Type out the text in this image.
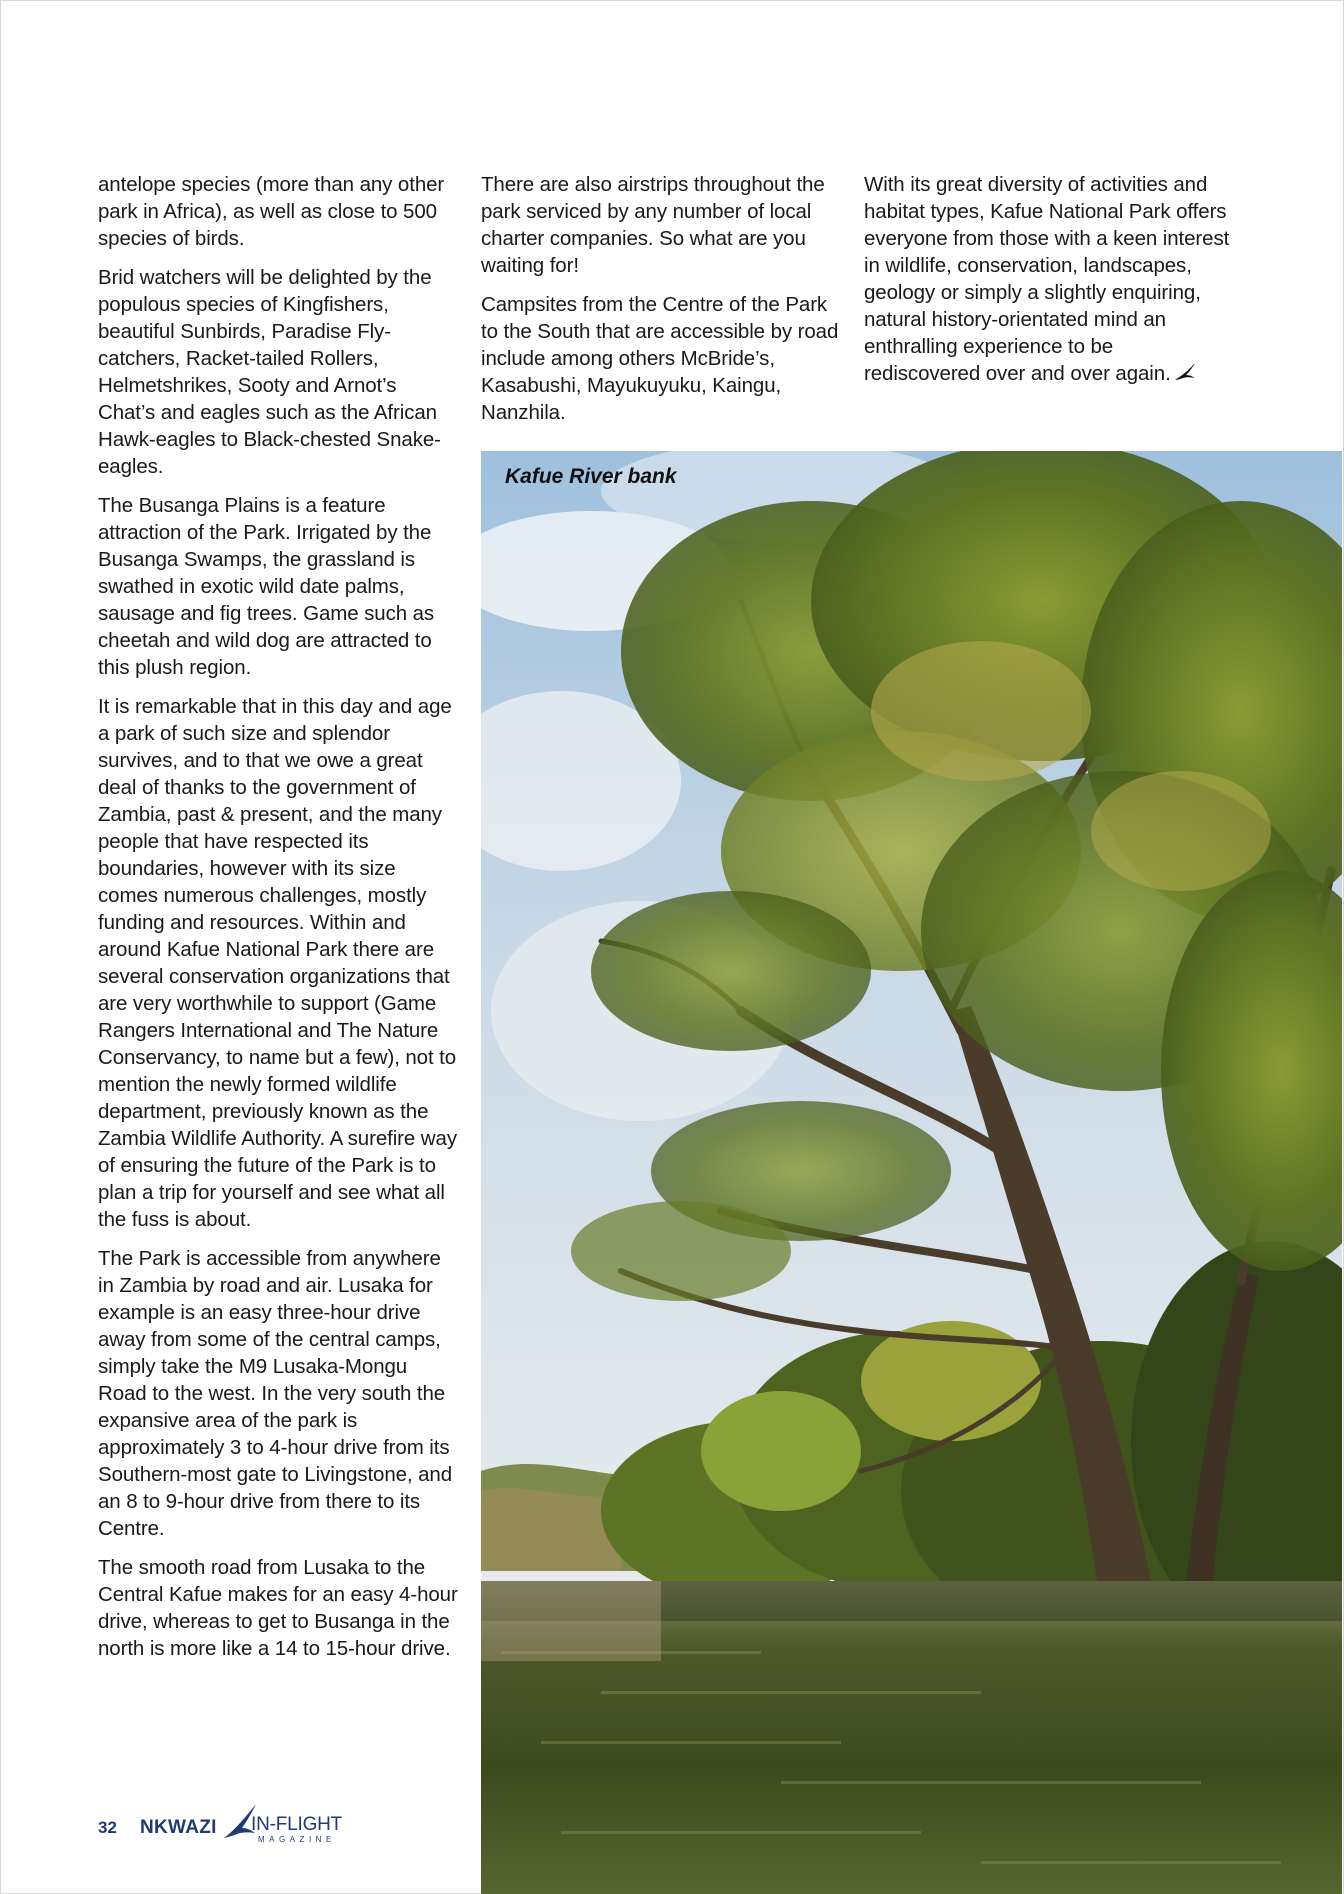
antelope species (more than any other park in Africa), as well as close to 500 species of birds.

Brid watchers will be delighted by the populous species of Kingfishers, beautiful Sunbirds, Paradise Fly-catchers, Racket-tailed Rollers, Helmetshrikes, Sooty and Arnot’s Chat’s and eagles such as the African Hawk-eagles to Black-chested Snake-eagles.

The Busanga Plains is a feature attraction of the Park. Irrigated by the Busanga Swamps, the grassland is swathed in exotic wild date palms, sausage and fig trees. Game such as cheetah and wild dog are attracted to this plush region.

It is remarkable that in this day and age a park of such size and splendor survives, and to that we owe a great deal of thanks to the government of Zambia, past & present, and the many people that have respected its boundaries, however with its size comes numerous challenges, mostly funding and resources. Within and around Kafue National Park there are several conservation organizations that are very worthwhile to support (Game Rangers International and The Nature Conservancy, to name but a few), not to mention the newly formed wildlife department, previously known as the Zambia Wildlife Authority. A surefire way of ensuring the future of the Park is to plan a trip for yourself and see what all the fuss is about.

The Park is accessible from anywhere in Zambia by road and air. Lusaka for example is an easy three-hour drive away from some of the central camps, simply take the M9 Lusaka-Mongu Road to the west. In the very south the expansive area of the park is approximately 3 to 4-hour drive from its Southern-most gate to Livingstone, and an 8 to 9-hour drive from there to its Centre.

The smooth road from Lusaka to the Central Kafue makes for an easy 4-hour drive, whereas to get to Busanga in the north is more like a 14 to 15-hour drive.

There are also airstrips throughout the park serviced by any number of local charter companies. So what are you waiting for!

Campsites from the Centre of the Park to the South that are accessible by road include among others McBride’s, Kasabushi, Mayukuyuku, Kaingu, Nanzhila.

With its great diversity of activities and habitat types, Kafue National Park offers everyone from those with a keen interest in wildlife, conservation, landscapes, geology or simply a slightly enquiring, natural history-orientated mind an enthralling experience to be rediscovered over and over again.

Kafue River bank
32 NKWAZI IN-FLIGHT
MAGAZINE
